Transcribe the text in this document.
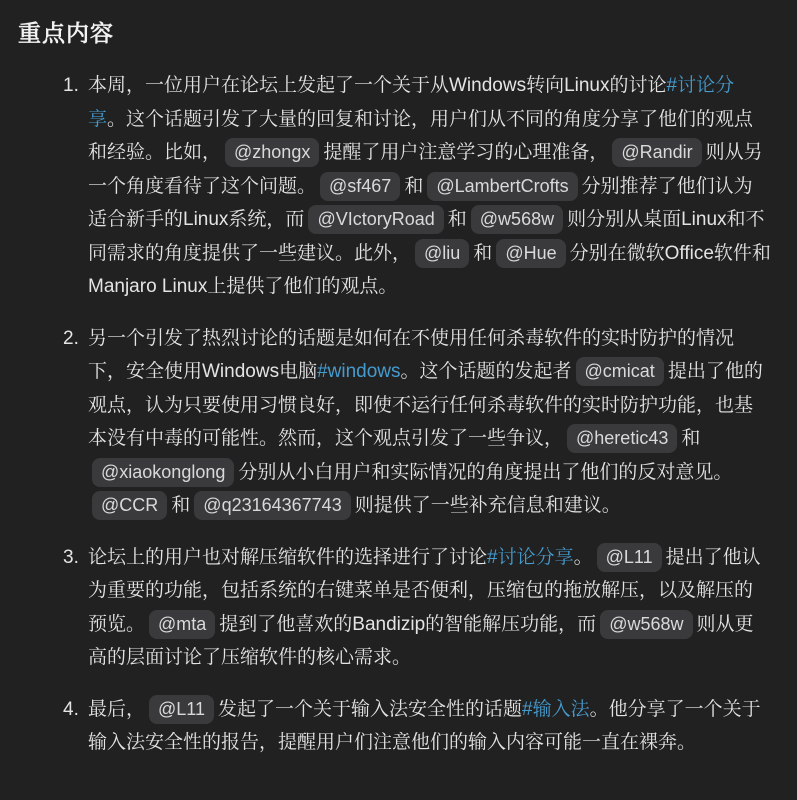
重点内容
1. 本周，一位用户在论坛上发起了一个关于从Windows转向Linux的讨论#讨论分享。这个话题引发了大量的回复和讨论，用户们从不同的角度分享了他们的观点和经验。比如， @zhongx 提醒了用户注意学习的心理准备， @Randir 则从另一个角度看待了这个问题。 @sf467 和 @LambertCrofts 分别推荐了他们认为适合新手的Linux系统，而 @VIctoryRoad 和 @w568w 则分别从桌面Linux和不同需求的角度提供了一些建议。此外， @liu 和 @Hue 分别在微软Office软件和Manjaro Linux上提供了他们的观点。
2. 另一个引发了热烈讨论的话题是如何在不使用任何杀毒软件的实时防护的情况下，安全使用Windows电脑#windows。这个话题的发起者 @cmicat 提出了他的观点，认为只要使用习惯良好，即使不运行任何杀毒软件的实时防护功能，也基本没有中毒的可能性。然而，这个观点引发了一些争议， @heretic43 和@xiaokonglong 分别从小白用户和实际情况的角度提出了他们的反对意见。@CCR 和 @q23164367743 则提供了一些补充信息和建议。
3. 论坛上的用户也对解压缩软件的选择进行了讨论#讨论分享。 @L11 提出了他认为重要的功能，包括系统的右键菜单是否便利，压缩包的拖放解压，以及解压的预览。 @mta 提到了他喜欢的Bandizip的智能解压功能，而 @w568w 则从更高的层面讨论了压缩软件的核心需求。
4. 最后， @L11 发起了一个关于输入法安全性的话题#输入法。他分享了一个关于输入法安全性的报告，提醒用户们注意他们的输入内容可能一直在裸奔。
